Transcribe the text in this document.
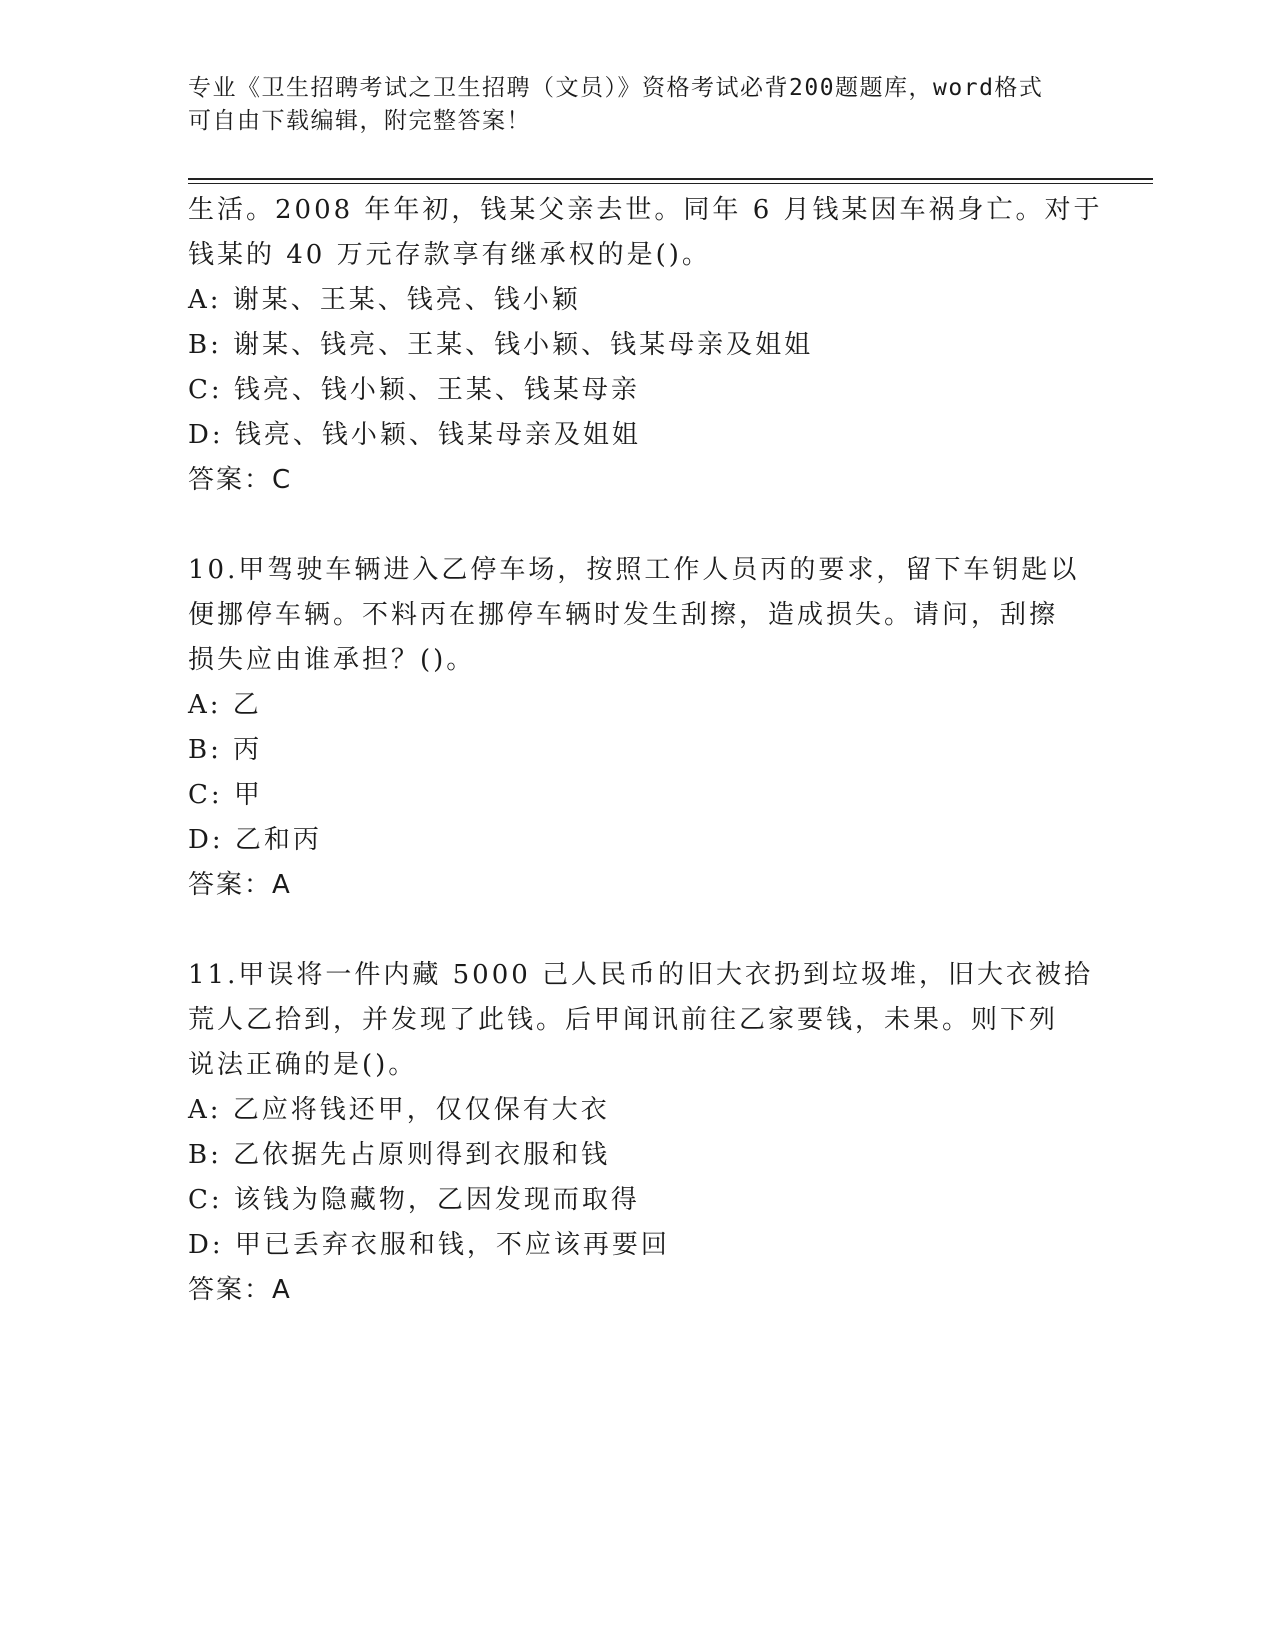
专业《卫生招聘考试之卫生招聘（文员）》资格考试必背200题题库，word格式
可自由下载编辑，附完整答案！
生活。2008 年年初，钱某父亲去世。同年 6 月钱某因车祸身亡。对于
钱某的 40 万元存款享有继承权的是()。
A: 谢某、王某、钱亮、钱小颖
B: 谢某、钱亮、王某、钱小颖、钱某母亲及姐姐
C: 钱亮、钱小颖、王某、钱某母亲
D: 钱亮、钱小颖、钱某母亲及姐姐
答案：C
10.甲驾驶车辆进入乙停车场，按照工作人员丙的要求，留下车钥匙以
便挪停车辆。不料丙在挪停车辆时发生刮擦，造成损失。请问，刮擦
损失应由谁承担？()。
A: 乙
B: 丙
C: 甲
D: 乙和丙
答案：A
11.甲误将一件内藏 5000 己人民币的旧大衣扔到垃圾堆，旧大衣被拾
荒人乙拾到，并发现了此钱。后甲闻讯前往乙家要钱，未果。则下列
说法正确的是()。
A: 乙应将钱还甲，仅仅保有大衣
B: 乙依据先占原则得到衣服和钱
C: 该钱为隐藏物，乙因发现而取得
D: 甲已丢弃衣服和钱，不应该再要回
答案：A
